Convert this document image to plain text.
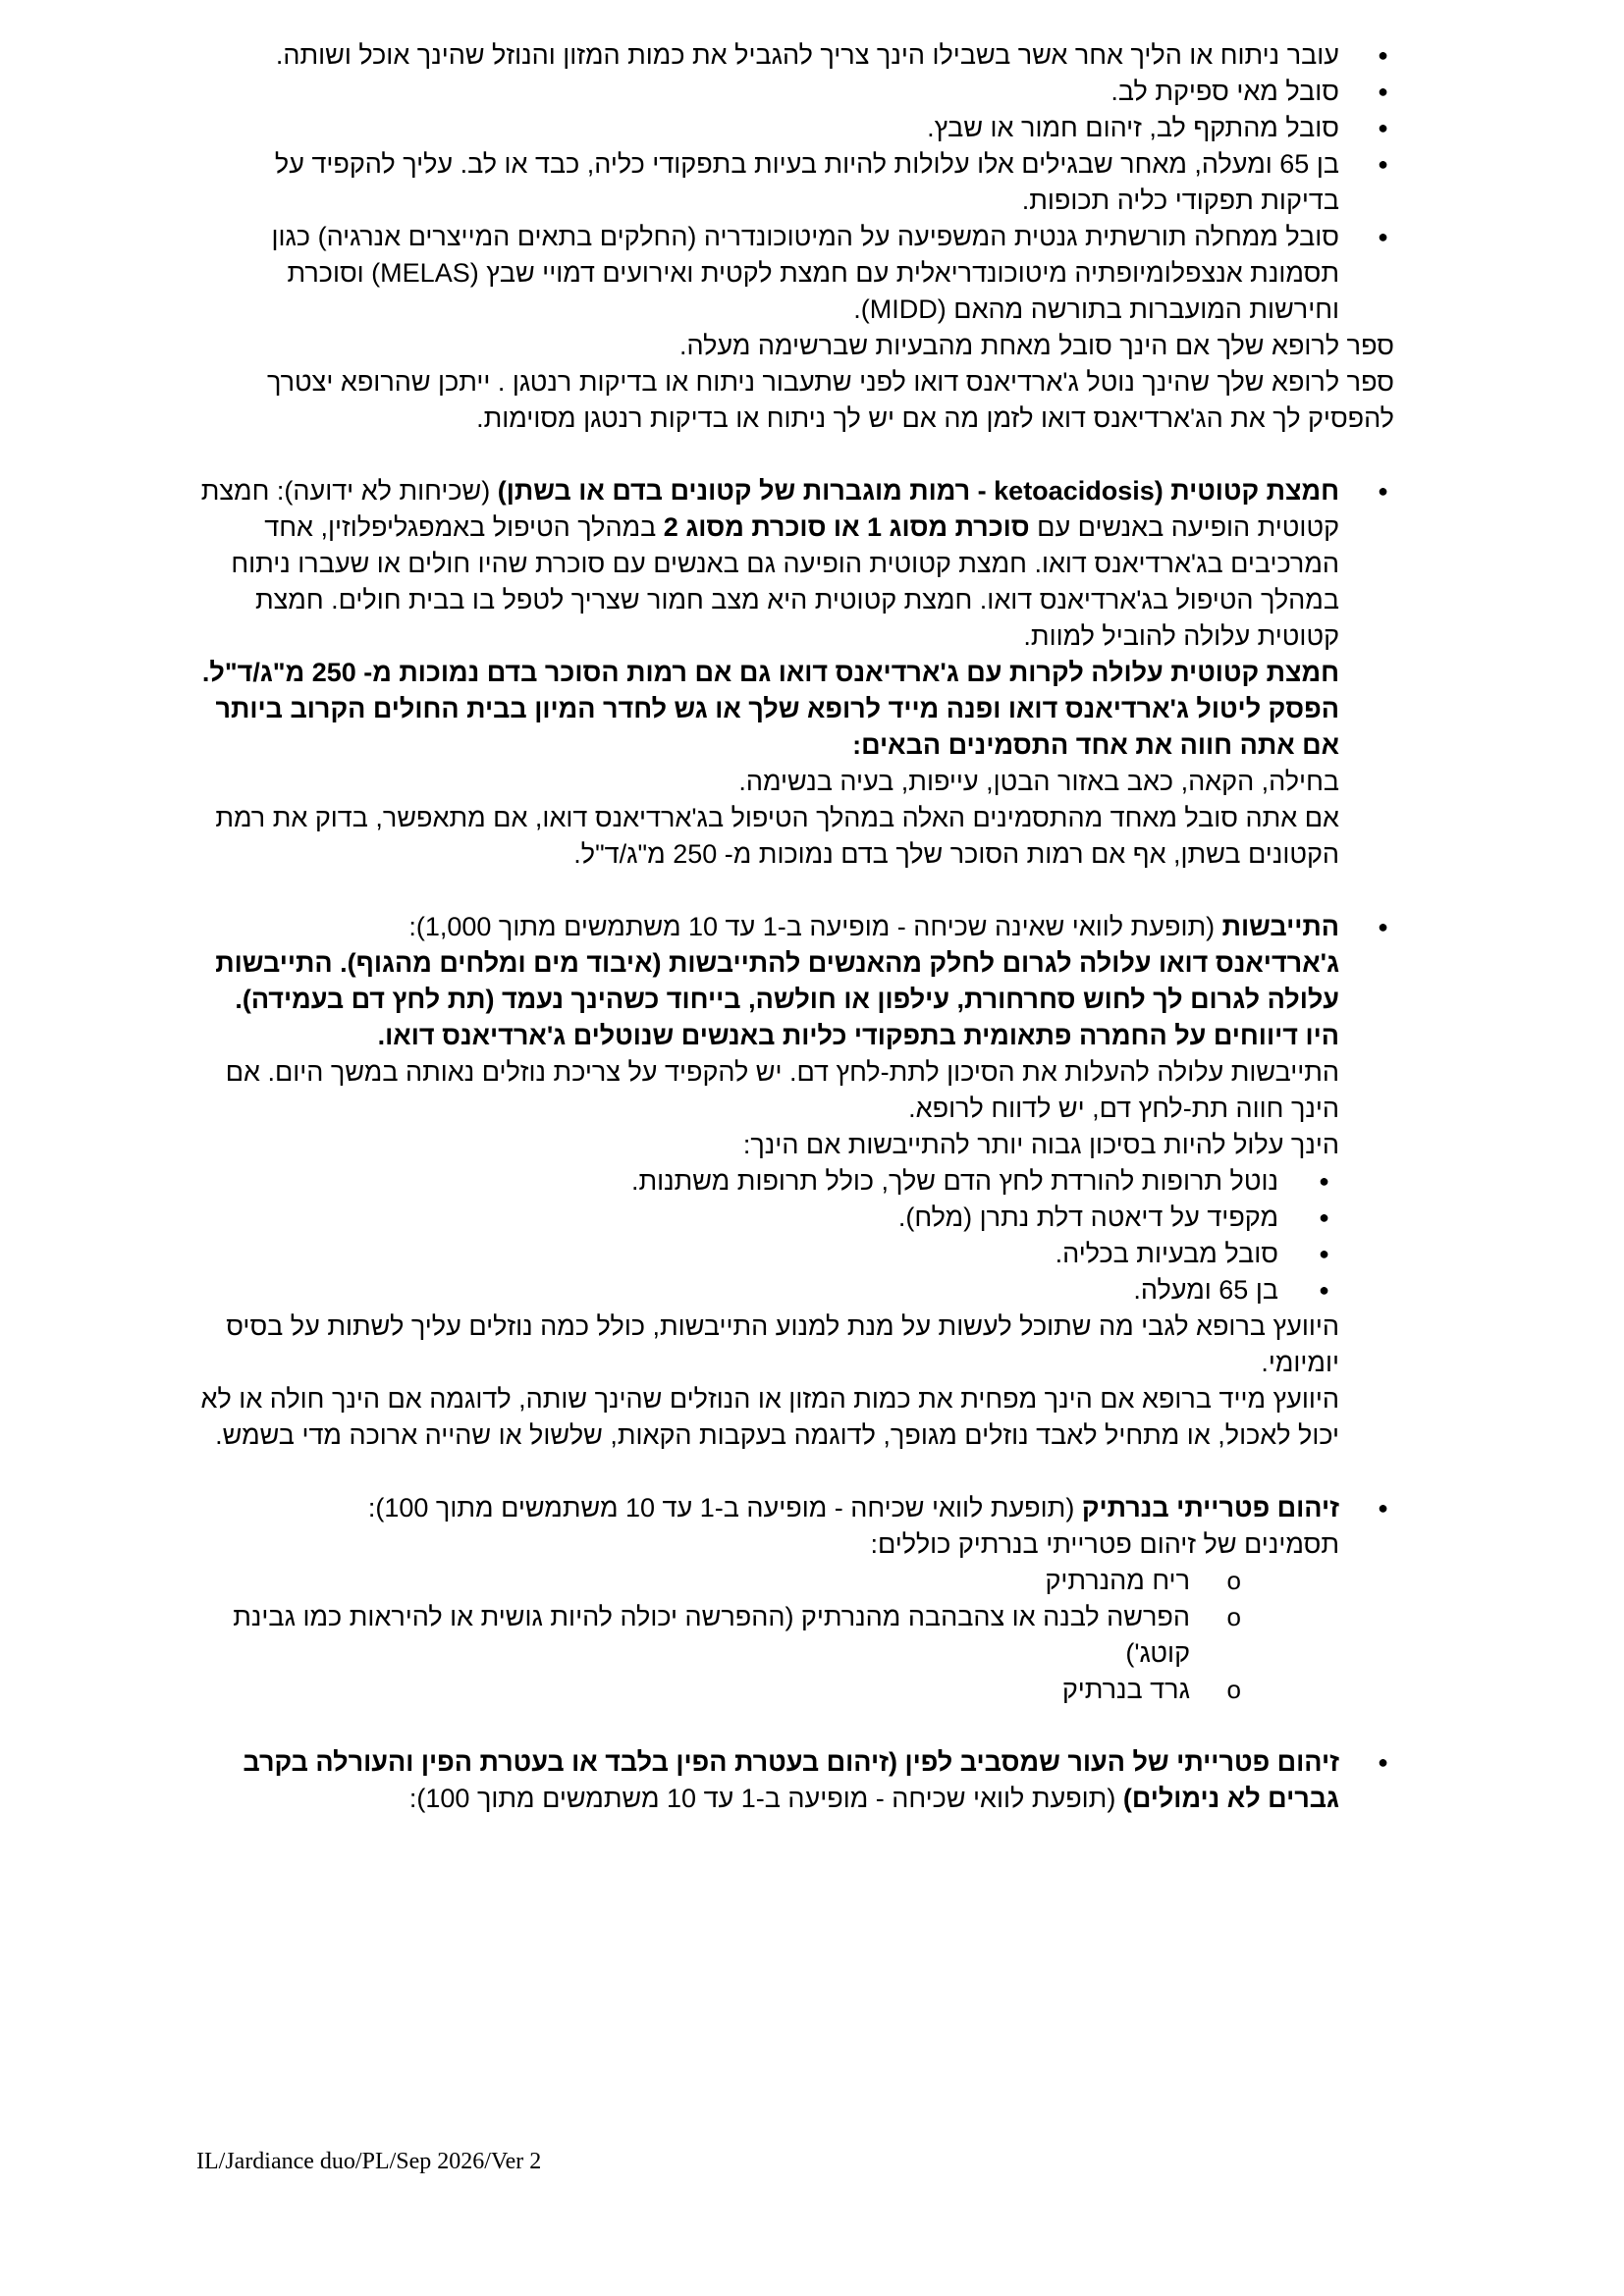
● עובר ניתוח או הליך אחר אשר בשבילו הינך צריך להגביל את כמות המזון והנוזל שהינך אוכל ושותה.
● סובל מאי ספיקת לב.
● סובל מהתקף לב, זיהום חמור או שבץ.
● בן 65 ומעלה, מאחר שבגילים אלו עלולות להיות בעיות בתפקודי כליה, כבד או לב. עליך להקפיד על בדיקות תפקודי כליה תכופות.
● סובל ממחלה תורשתית גנטית המשפיעה על המיטוכונדריה (החלקים בתאים המייצרים אנרגיה) כגון תסמונת אנצפלומיופתיה מיטוכונדריאלית עם חמצת לקטית ואירועים דמויי שבץ (MELAS) וסוכרת וחירשות המועברות בתורשה מהאם (MIDD).

ספר לרופא שלך אם הינך סובל מאחת מהבעיות שברשימה מעלה.

ספר לרופא שלך שהינך נוטל ג'ארדיאנס דואו לפני שתעבור ניתוח או בדיקות רנטגן . ייתכן שהרופא יצטרך להפסיק לך את הג'ארדיאנס דואו לזמן מה אם יש לך ניתוח או בדיקות רנטגן מסוימות.

● חמצת קטוטית (ketoacidosis - רמות מוגברות של קטונים בדם או בשתן) (שכיחות לא ידועה): חמצת קטוטית הופיעה באנשים עם סוכרת מסוג 1 או סוכרת מסוג 2 במהלך הטיפול באמפגליפלוזין, אחד המרכיבים בג'ארדיאנס דואו. חמצת קטוטית הופיעה גם באנשים עם סוכרת שהיו חולים או שעברו ניתוח במהלך הטיפול בג'ארדיאנס דואו. חמצת קטוטית היא מצב חמור שצריך לטפל בו בבית חולים. חמצת קטוטית עלולה להוביל למוות.

חמצת קטוטית עלולה לקרות עם ג'ארדיאנס דואו גם אם רמות הסוכר בדם נמוכות מ- 250 מ"ג/ד"ל. הפסק ליטול ג'ארדיאנס דואו ופנה מייד לרופא שלך או גש לחדר המיון בבית החולים הקרוב ביותר אם אתה חווה את אחד התסמינים הבאים:

בחילה, הקאה, כאב באזור הבטן, עייפות, בעיה בנשימה.

אם אתה סובל מאחד מהתסמינים האלה במהלך הטיפול בג'ארדיאנס דואו, אם מתאפשר, בדוק את רמת הקטונים בשתן, אף אם רמות הסוכר שלך בדם נמוכות מ- 250 מ"ג/ד"ל.

● התייבשות (תופעת לוואי שאינה שכיחה - מופיעה ב-1 עד 10 משתמשים מתוך 1,000):

ג'ארדיאנס דואו עלולה לגרום לחלק מהאנשים להתייבשות (איבוד מים ומלחים מהגוף). התייבשות עלולה לגרום לך לחוש סחרחורת, עילפון או חולשה, בייחוד כשהינך נעמד (תת לחץ דם בעמידה). היו דיווחים על החמרה פתאומית בתפקודי כליות באנשים שנוטלים ג'ארדיאנס דואו.

התייבשות עלולה להעלות את הסיכון לתת-לחץ דם. יש להקפיד על צריכת נוזלים נאותה במשך היום. אם הינך חווה תת-לחץ דם, יש לדווח לרופא.

הינך עלול להיות בסיכון גבוה יותר להתייבשות אם הינך:

● נוטל תרופות להורדת לחץ הדם שלך, כולל תרופות משתנות.
● מקפיד על דיאטה דלת נתרן (מלח).
● סובל מבעיות בכליה.
● בן 65 ומעלה.

היוועץ ברופא לגבי מה שתוכל לעשות על מנת למנוע התייבשות, כולל כמה נוזלים עליך לשתות על בסיס יומיומי.

היוועץ מייד ברופא אם הינך מפחית את כמות המזון או הנוזלים שהינך שותה, לדוגמה אם הינך חולה או לא יכול לאכול, או מתחיל לאבד נוזלים מגופך, לדוגמה בעקבות הקאות, שלשול או שהייה ארוכה מדי בשמש.

● זיהום פטרייתי בנרתיק (תופעת לוואי שכיחה - מופיעה ב-1 עד 10 משתמשים מתוך 100):

תסמינים של זיהום פטרייתי בנרתיק כוללים:

o ריח מהנרתיק
o הפרשה לבנה או צהבהבה מהנרתיק (ההפרשה יכולה להיות גושית או להיראות כמו גבינת קוטג')
o גרד בנרתיק

● זיהום פטרייתי של העור שמסביב לפין (זיהום בעטרת הפין בלבד או בעטרת הפין והעורלה בקרב גברים לא נימולים) (תופעת לוואי שכיחה - מופיעה ב-1 עד 10 משתמשים מתוך 100):

IL/Jardiance duo/PL/Sep 2026/Ver 2
